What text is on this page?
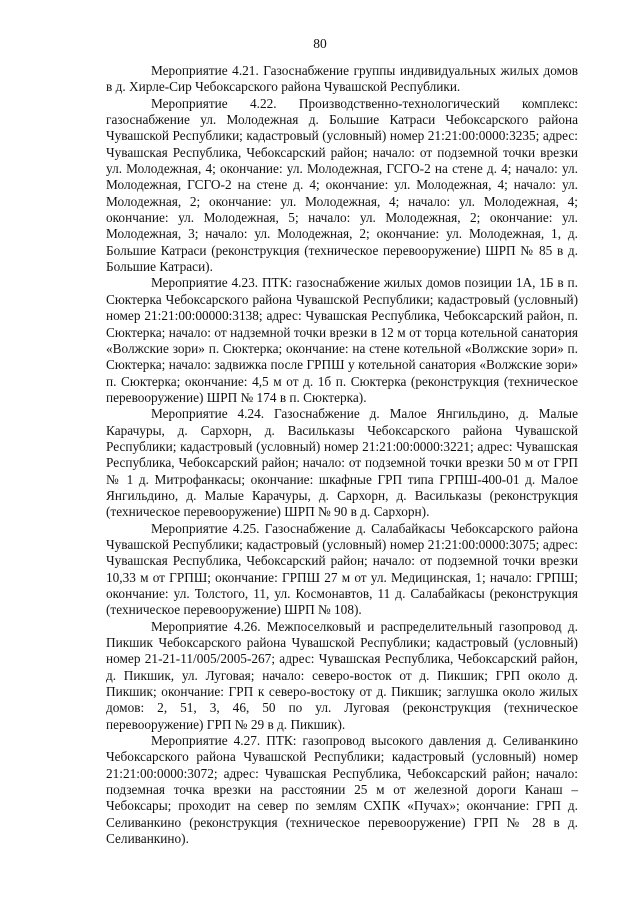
80

Мероприятие 4.21. Газоснабжение группы индивидуальных жилых домов в д. Хирле-Сир Чебоксарского района Чувашской Республики.

Мероприятие 4.22. Производственно-технологический комплекс: газоснабжение ул. Молодежная д. Большие Катраси Чебоксарского района Чувашской Республики; кадастровый (условный) номер 21:21:00:0000:3235; адрес: Чувашская Республика, Чебоксарский район; начало: от подземной точки врезки ул. Молодежная, 4; окончание: ул. Молодежная, ГСГО-2 на стене д. 4; начало: ул. Молодежная, ГСГО-2 на стене д. 4; окончание: ул. Молодежная, 4; начало: ул. Молодежная, 2; окончание: ул. Молодежная, 4; начало: ул. Молодежная, 4; окончание: ул. Молодежная, 5; начало: ул. Молодежная, 2; окончание: ул. Молодежная, 3; начало: ул. Молодежная, 2; окончание: ул. Молодежная, 1, д. Большие Катраси (реконструкция (техническое перевооружение) ШРП № 85 в д. Большие Катраси).

Мероприятие 4.23. ПТК: газоснабжение жилых домов позиции 1А, 1Б в п. Сюктерка Чебоксарского района Чувашской Республики; кадастровый (условный) номер 21:21:00:00000:3138; адрес: Чувашская Республика, Чебоксарский район, п. Сюктерка; начало: от надземной точки врезки в 12 м от торца котельной санатория «Волжские зори» п. Сюктерка; окончание: на стене котельной «Волжские зори» п. Сюктерка; начало: задвижка после ГРПШ у котельной санатория «Волжские зори» п. Сюктерка; окончание: 4,5 м от д. 1б п. Сюктерка (реконструкция (техническое перевооружение) ШРП № 174 в п. Сюктерка).

Мероприятие 4.24. Газоснабжение д. Малое Янгильдино, д. Малые Карачуры, д. Сархорн, д. Васильказы Чебоксарского района Чувашской Республики; кадастровый (условный) номер 21:21:00:0000:3221; адрес: Чувашская Республика, Чебоксарский район; начало: от подземной точки врезки 50 м от ГРП № 1 д. Митрофанкасы; окончание: шкафные ГРП типа ГРПШ-400-01 д. Малое Янгильдино, д. Малые Карачуры, д. Сархорн, д. Васильказы (реконструкция (техническое перевооружение) ШРП № 90 в д. Сархорн).

Мероприятие 4.25. Газоснабжение д. Салабайкасы Чебоксарского района Чувашской Республики; кадастровый (условный) номер 21:21:00:0000:3075; адрес: Чувашская Республика, Чебоксарский район; начало: от подземной точки врезки 10,33 м от ГРПШ; окончание: ГРПШ 27 м от ул. Медицинская, 1; начало: ГРПШ; окончание: ул. Толстого, 11, ул. Космонавтов, 11 д. Салабайкасы (реконструкция (техническое перевооружение) ШРП № 108).

Мероприятие 4.26. Межпоселковый и распределительный газопровод д. Пикшик Чебоксарского района Чувашской Республики; кадастровый (условный) номер 21-21-11/005/2005-267; адрес: Чувашская Республика, Чебоксарский район, д. Пикшик, ул. Луговая; начало: северо-восток от д. Пикшик; ГРП около д. Пикшик; окончание: ГРП к северо-востоку от д. Пикшик; заглушка около жилых домов: 2, 51, 3, 46, 50 по ул. Луговая (реконструкция (техническое перевооружение) ГРП № 29 в д. Пикшик).

Мероприятие 4.27. ПТК: газопровод высокого давления д. Селиванкино Чебоксарского района Чувашской Республики; кадастровый (условный) номер 21:21:00:0000:3072; адрес: Чувашская Республика, Чебоксарский район; начало: подземная точка врезки на расстоянии 25 м от железной дороги Канаш – Чебоксары; проходит на север по землям СХПК «Пучах»; окончание: ГРП д. Селиванкино (реконструкция (техническое перевооружение) ГРП № 28 в д. Селиванкино).
